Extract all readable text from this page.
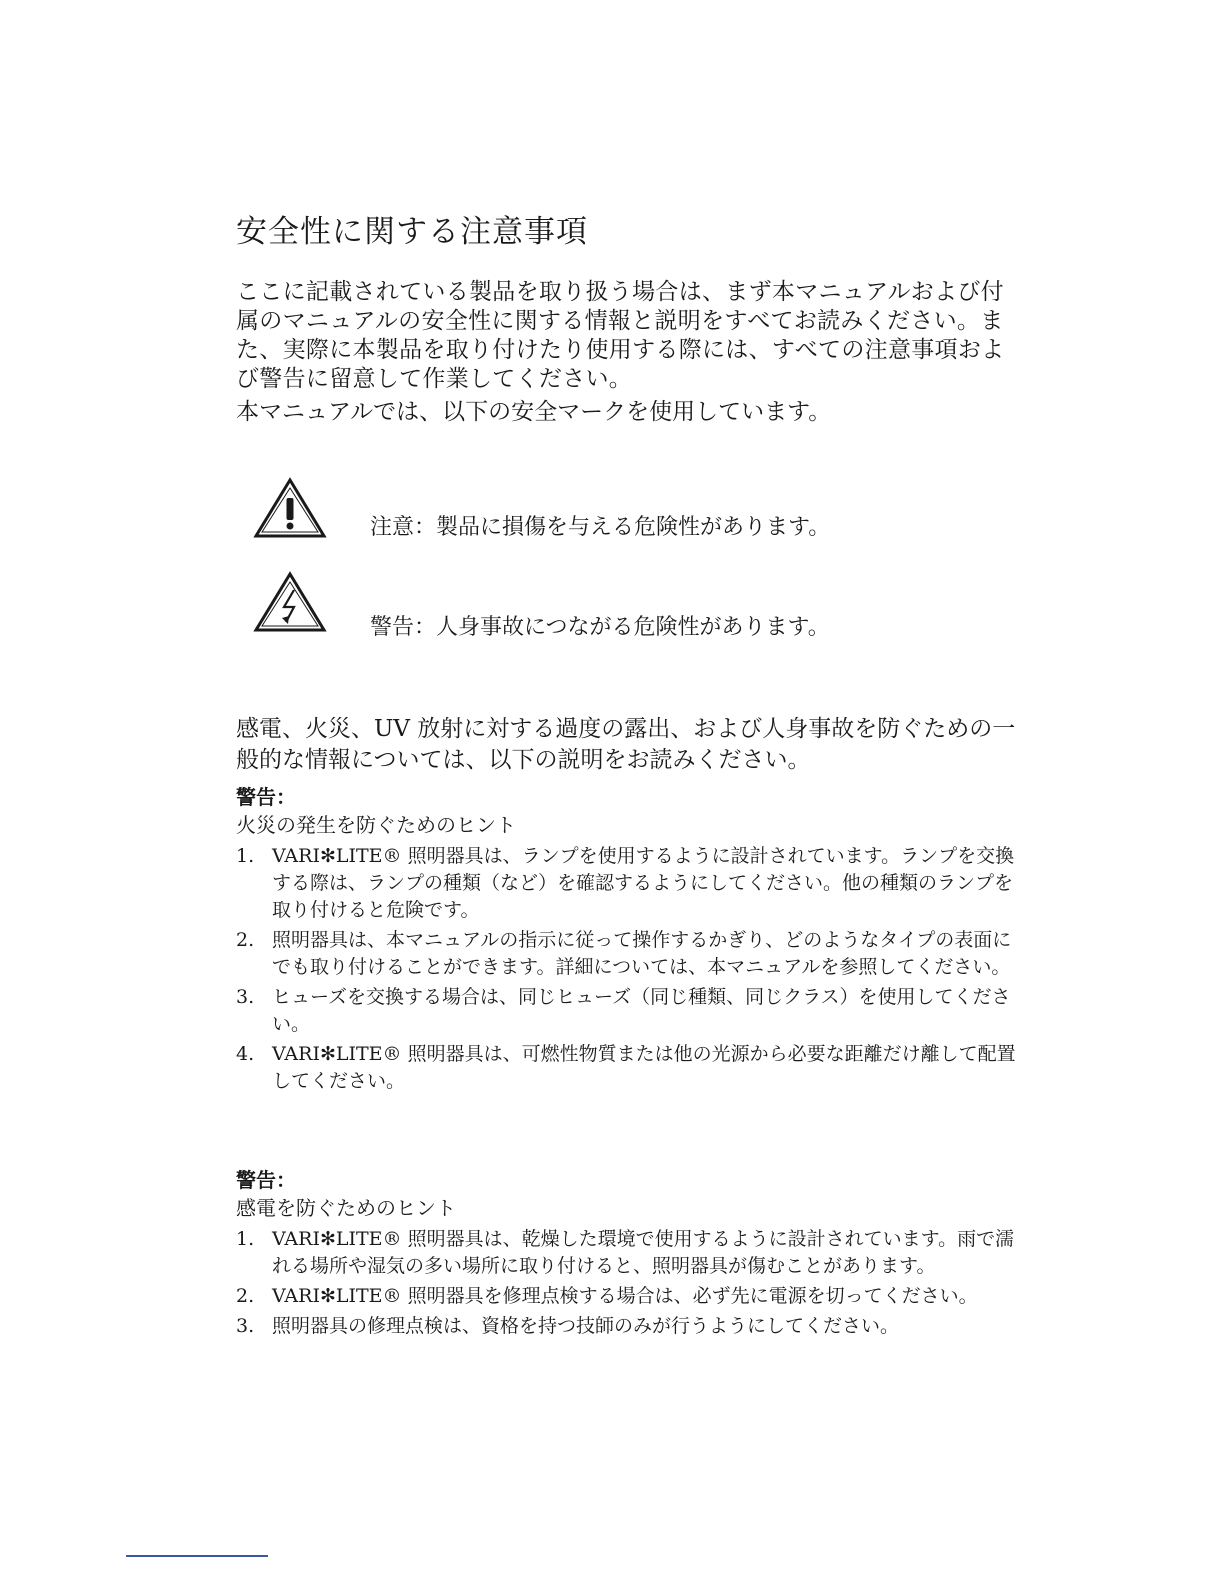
安全性に関する注意事項

ここに記載されている製品を取り扱う場合は、まず本マニュアルおよび付属のマニュアルの安全性に関する情報と説明をすべてお読みください。また、実際に本製品を取り付けたり使用する際には、すべての注意事項および警告に留意して作業してください。

本マニュアルでは、以下の安全マークを使用しています。

注意：製品に損傷を与える危険性があります。

警告：人身事故につながる危険性があります。

感電、火災、UV 放射に対する過度の露出、および人身事故を防ぐための一般的な情報については、以下の説明をお読みください。

警告：

火災の発生を防ぐためのヒント

1. VARI✻LITE® 照明器具は、ランプを使用するように設計されています。ランプを交換する際は、ランプの種類（など）を確認するようにしてください。他の種類のランプを取り付けると危険です。
2. 照明器具は、本マニュアルの指示に従って操作するかぎり、どのようなタイプの表面にでも取り付けることができます。詳細については、本マニュアルを参照してください。
3. ヒューズを交換する場合は、同じヒューズ（同じ種類、同じクラス）を使用してください。
4. VARI✻LITE® 照明器具は、可燃性物質または他の光源から必要な距離だけ離して配置してください。

警告：

感電を防ぐためのヒント

1. VARI✻LITE® 照明器具は、乾燥した環境で使用するように設計されています。雨で濡れる場所や湿気の多い場所に取り付けると、照明器具が傷むことがあります。
2. VARI✻LITE® 照明器具を修理点検する場合は、必ず先に電源を切ってください。
3. 照明器具の修理点検は、資格を持つ技師のみが行うようにしてください。
